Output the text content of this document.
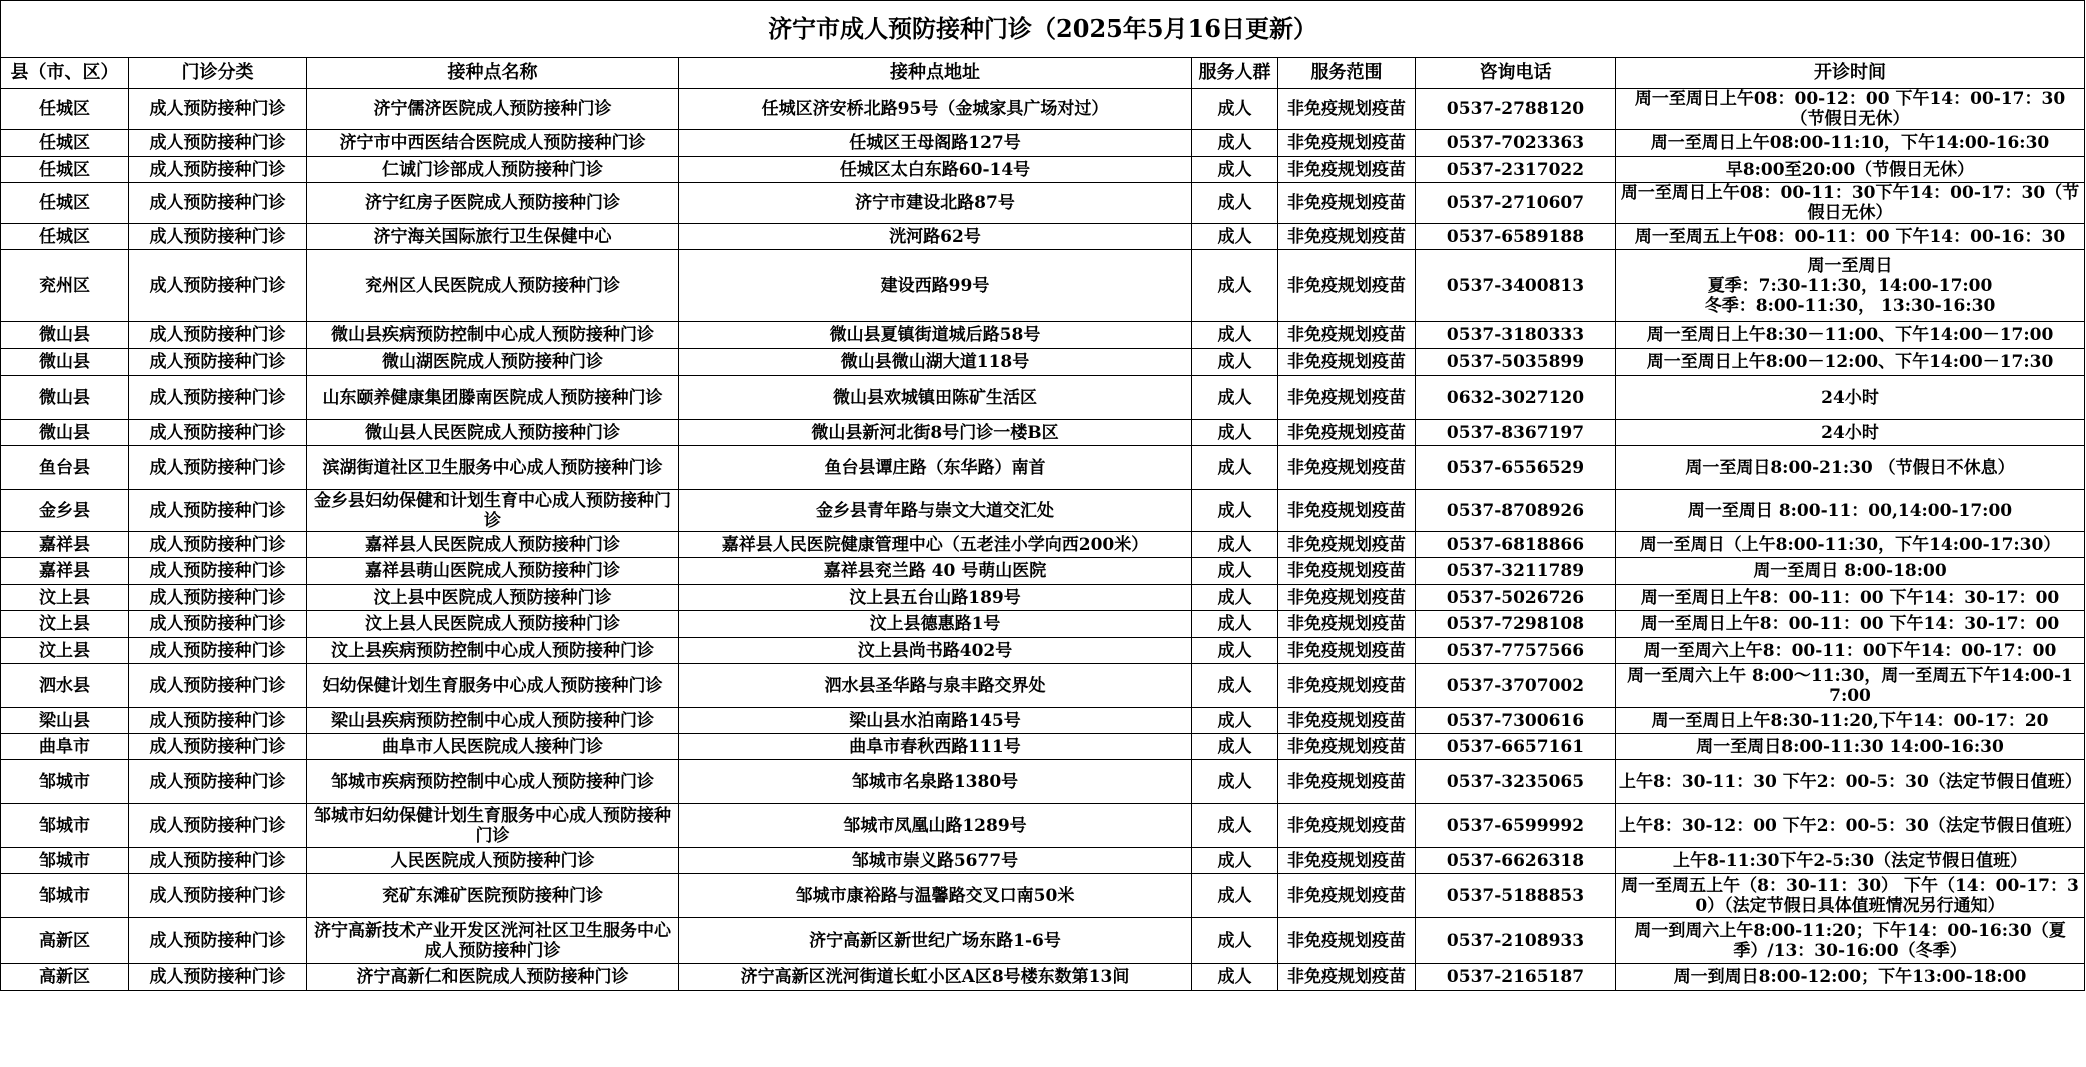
济宁市成人预防接种门诊（2025年5月16日更新）							
县（市、区）	门诊分类	接种点名称	接种点地址	服务人群	服务范围	咨询电话	开诊时间
任城区	成人预防接种门诊	济宁儒济医院成人预防接种门诊	任城区济安桥北路95号（金城家具广场对过）	成人	非免疫规划疫苗	0537-2788120	周一至周日上午08：00-12：00 下午14：00-17：30（节假日无休）
任城区	成人预防接种门诊	济宁市中西医结合医院成人预防接种门诊	任城区王母阁路127号	成人	非免疫规划疫苗	0537-7023363	周一至周日上午08:00-11:10，下午14:00-16:30
任城区	成人预防接种门诊	仁诚门诊部成人预防接种门诊	任城区太白东路60-14号	成人	非免疫规划疫苗	0537-2317022	早8:00至20:00（节假日无休）
任城区	成人预防接种门诊	济宁红房子医院成人预防接种门诊	济宁市建设北路87号	成人	非免疫规划疫苗	0537-2710607	周一至周日上午08：00-11：30下午14：00-17：30（节假日无休）
任城区	成人预防接种门诊	济宁海关国际旅行卫生保健中心	洸河路62号	成人	非免疫规划疫苗	0537-6589188	周一至周五上午08：00-11：00 下午14：00-16：30
兖州区	成人预防接种门诊	兖州区人民医院成人预防接种门诊	建设西路99号	成人	非免疫规划疫苗	0537-3400813	周一至周日
夏季：7:30-11:30，14:00-17:00
冬季：8:00-11:30， 13:30-16:30
微山县	成人预防接种门诊	微山县疾病预防控制中心成人预防接种门诊	微山县夏镇街道城后路58号	成人	非免疫规划疫苗	0537-3180333	周一至周日上午8:30－11:00、下午14:00－17:00
微山县	成人预防接种门诊	微山湖医院成人预防接种门诊	微山县微山湖大道118号	成人	非免疫规划疫苗	0537-5035899	周一至周日上午8:00－12:00、下午14:00－17:30
微山县	成人预防接种门诊	山东颐养健康集团滕南医院成人预防接种门诊	微山县欢城镇田陈矿生活区	成人	非免疫规划疫苗	0632-3027120	24小时
微山县	成人预防接种门诊	微山县人民医院成人预防接种门诊	微山县新河北街8号门诊一楼B区	成人	非免疫规划疫苗	0537-8367197	24小时
鱼台县	成人预防接种门诊	滨湖街道社区卫生服务中心成人预防接种门诊	鱼台县谭庄路（东华路）南首	成人	非免疫规划疫苗	0537-6556529	周一至周日8:00-21:30 （节假日不休息）
金乡县	成人预防接种门诊	金乡县妇幼保健和计划生育中心成人预防接种门诊	金乡县青年路与崇文大道交汇处	成人	非免疫规划疫苗	0537-8708926	周一至周日 8:00-11：00,14:00-17:00
嘉祥县	成人预防接种门诊	嘉祥县人民医院成人预防接种门诊	嘉祥县人民医院健康管理中心（五老洼小学向西200米）	成人	非免疫规划疫苗	0537-6818866	周一至周日（上午8:00-11:30，下午14:00-17:30）
嘉祥县	成人预防接种门诊	嘉祥县萌山医院成人预防接种门诊	嘉祥县兖兰路 40 号萌山医院	成人	非免疫规划疫苗	0537-3211789	周一至周日 8:00-18:00
汶上县	成人预防接种门诊	汶上县中医院成人预防接种门诊	汶上县五台山路189号	成人	非免疫规划疫苗	0537-5026726	周一至周日上午8：00-11：00 下午14：30-17：00
汶上县	成人预防接种门诊	汶上县人民医院成人预防接种门诊	汶上县德惠路1号	成人	非免疫规划疫苗	0537-7298108	周一至周日上午8：00-11：00 下午14：30-17：00
汶上县	成人预防接种门诊	汶上县疾病预防控制中心成人预防接种门诊	汶上县尚书路402号	成人	非免疫规划疫苗	0537-7757566	周一至周六上午8：00-11：00下午14：00-17：00
泗水县	成人预防接种门诊	妇幼保健计划生育服务中心成人预防接种门诊	泗水县圣华路与泉丰路交界处	成人	非免疫规划疫苗	0537-3707002	周一至周六上午 8:00～11:30，周一至周五下午14:00-17:00
梁山县	成人预防接种门诊	梁山县疾病预防控制中心成人预防接种门诊	梁山县水泊南路145号	成人	非免疫规划疫苗	0537-7300616	周一至周日上午8:30-11:20,下午14：00-17：20
曲阜市	成人预防接种门诊	曲阜市人民医院成人接种门诊	曲阜市春秋西路111号	成人	非免疫规划疫苗	0537-6657161	周一至周日8:00-11:30 14:00-16:30
邹城市	成人预防接种门诊	邹城市疾病预防控制中心成人预防接种门诊	邹城市名泉路1380号	成人	非免疫规划疫苗	0537-3235065	上午8：30-11：30 下午2：00-5：30（法定节假日值班）
邹城市	成人预防接种门诊	邹城市妇幼保健计划生育服务中心成人预防接种门诊	邹城市凤凰山路1289号	成人	非免疫规划疫苗	0537-6599992	上午8：30-12：00 下午2：00-5：30（法定节假日值班）
邹城市	成人预防接种门诊	人民医院成人预防接种门诊	邹城市崇义路5677号	成人	非免疫规划疫苗	0537-6626318	上午8-11:30下午2-5:30（法定节假日值班）
邹城市	成人预防接种门诊	兖矿东滩矿医院预防接种门诊	邹城市康裕路与温馨路交叉口南50米	成人	非免疫规划疫苗	0537-5188853	周一至周五上午（8：30-11：30） 下午（14：00-17：30）（法定节假日具体值班情况另行通知）
高新区	成人预防接种门诊	济宁高新技术产业开发区洸河社区卫生服务中心成人预防接种门诊	济宁高新区新世纪广场东路1-6号	成人	非免疫规划疫苗	0537-2108933	周一到周六上午8:00-11:20；下午14：00-16:30（夏季）/13：30-16:00（冬季）
高新区	成人预防接种门诊	济宁高新仁和医院成人预防接种门诊	济宁高新区洸河街道长虹小区A区8号楼东数第13间	成人	非免疫规划疫苗	0537-2165187	周一到周日8:00-12:00；下午13:00-18:00
